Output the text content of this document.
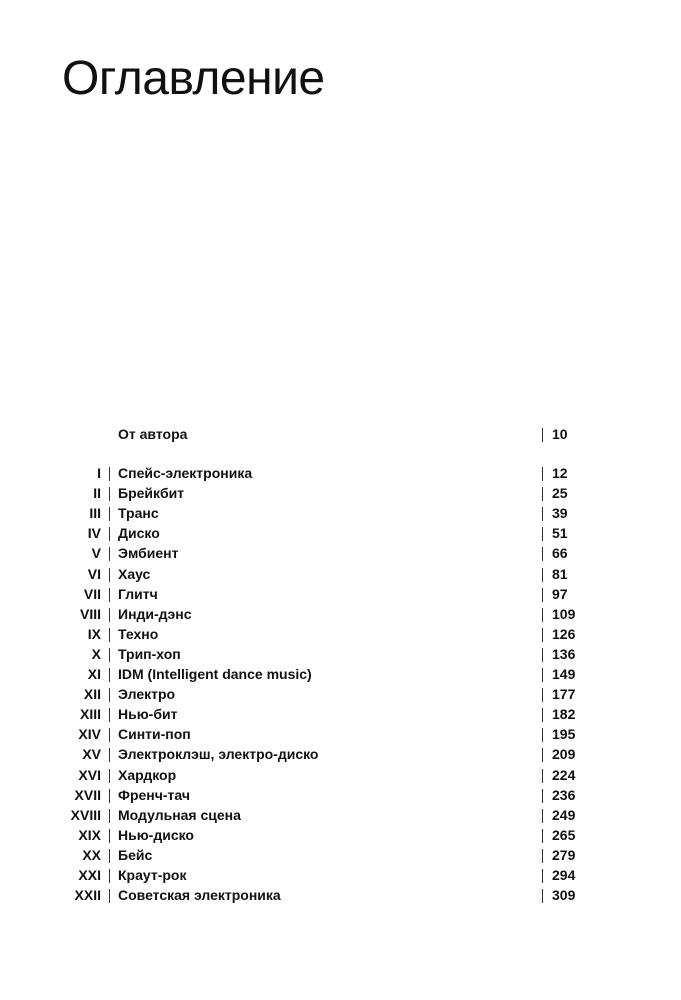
Оглавление
От автора	10
I Спейс-электроника	12
II Брейкбит	25
III Транс	39
IV Диско	51
V Эмбиент	66
VI Хаус	81
VII Глитч	97
VIII Инди-дэнс	109
IX Техно	126
X Трип-хоп	136
XI IDM (Intelligent dance music)	149
XII Электро	177
XIII Нью-бит	182
XIV Синти-поп	195
XV Электроклэш, электро-диско	209
XVI Хардкор	224
XVII Френч-тач	236
XVIII Модульная сцена	249
XIX Нью-диско	265
XX Бейс	279
XXI Краут-рок	294
XXII Советская электроника	309
